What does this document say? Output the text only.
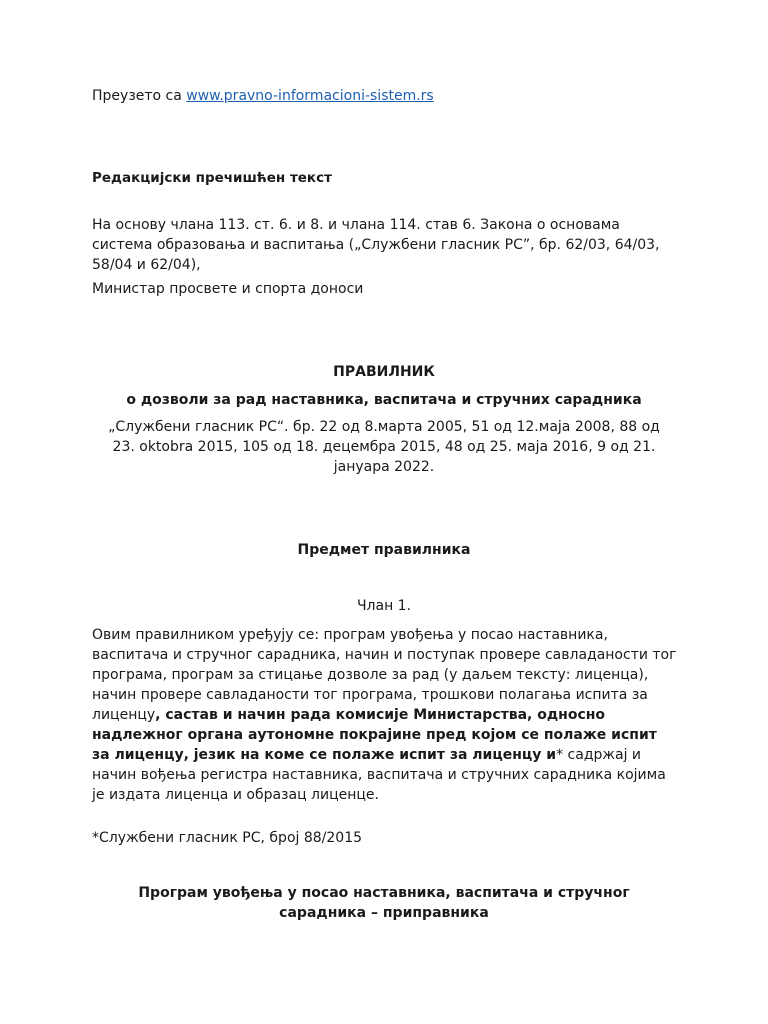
Преузето са www.pravno-informacioni-sistem.rs
Редакцијски пречишћен текст
На основу члана 113. ст. 6. и 8. и члана 114. став 6. Закона о основама
система образовања и васпитања („Службени гласник РС”, бр. 62/03, 64/03,
58/04 и 62/04),
Министар просвете и спорта доноси
ПРАВИЛНИК
о дозволи за рад наставника, васпитача и стручних сарадника
„Службени гласник РС“. бр. 22 од 8.марта 2005, 51 од 12.маја 2008, 88 од
23. oktobra 2015, 105 од 18. децембра 2015, 48 од 25. маја 2016, 9 од 21.
јануара 2022.
Предмет правилника
Члан 1.
Овим правилником уређују се: програм увођења у посао наставника,
васпитача и стручног сарадника, начин и поступак провере савладаности тог
програма, програм за стицање дозволе за рад (у даљем тексту: лиценца),
начин провере савладаности тог програма, трошкови полагања испита за
лиценцу, састав и начин рада комисије Министарства, односно
надлежног органа аутономне покрајине пред којом се полаже испит
за лиценцу, језик на коме се полаже испит за лиценцу и* садржај и
начин вођења регистра наставника, васпитача и стручних сарадника којима
је издата лиценца и образац лиценце.
*Службени гласник РС, број 88/2015
Програм увођења у посао наставника, васпитача и стручног
сарадника – приправника
